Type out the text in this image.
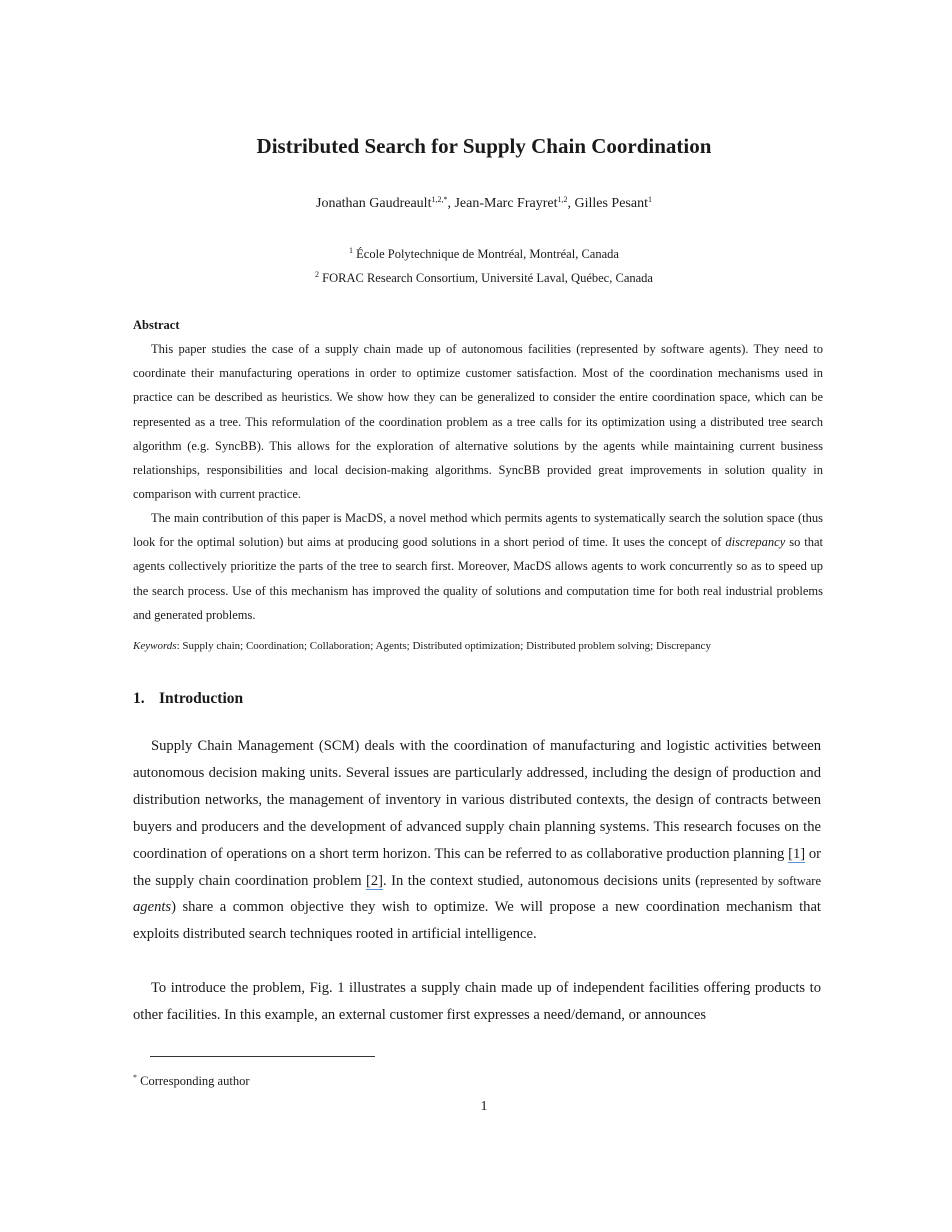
Distributed Search for Supply Chain Coordination
Jonathan Gaudreault$^{1,2,*}$, Jean-Marc Frayret$^{1,2}$, Gilles Pesant$^1$
$^1$ École Polytechnique de Montréal, Montréal, Canada
$^2$ FORAC Research Consortium, Université Laval, Québec, Canada
Abstract

This paper studies the case of a supply chain made up of autonomous facilities (represented by software agents). They need to coordinate their manufacturing operations in order to optimize customer satisfaction. Most of the coordination mechanisms used in practice can be described as heuristics. We show how they can be generalized to consider the entire coordination space, which can be represented as a tree. This reformulation of the coordination problem as a tree calls for its optimization using a distributed tree search algorithm (e.g. SyncBB). This allows for the exploration of alternative solutions by the agents while maintaining current business relationships, responsibilities and local decision-making algorithms. SyncBB provided great improvements in solution quality in comparison with current practice.

The main contribution of this paper is MacDS, a novel method which permits agents to systematically search the solution space (thus look for the optimal solution) but aims at producing good solutions in a short period of time. It uses the concept of discrepancy so that agents collectively prioritize the parts of the tree to search first. Moreover, MacDS allows agents to work concurrently so as to speed up the search process. Use of this mechanism has improved the quality of solutions and computation time for both real industrial problems and generated problems.

Keywords: Supply chain; Coordination; Collaboration; Agents; Distributed optimization; Distributed problem solving; Discrepancy
1. Introduction

Supply Chain Management (SCM) deals with the coordination of manufacturing and logistic activities between autonomous decision making units. Several issues are particularly addressed, including the design of production and distribution networks, the management of inventory in various distributed contexts, the design of contracts between buyers and producers and the development of advanced supply chain planning systems. This research focuses on the coordination of operations on a short term horizon. This can be referred to as collaborative production planning [1] or the supply chain coordination problem [2]. In the context studied, autonomous decisions units (represented by software agents) share a common objective they wish to optimize. We will propose a new coordination mechanism that exploits distributed search techniques rooted in artificial intelligence.

To introduce the problem, Fig. 1 illustrates a supply chain made up of independent facilities offering products to other facilities. In this example, an external customer first expresses a need/demand, or announces

* Corresponding author
1
